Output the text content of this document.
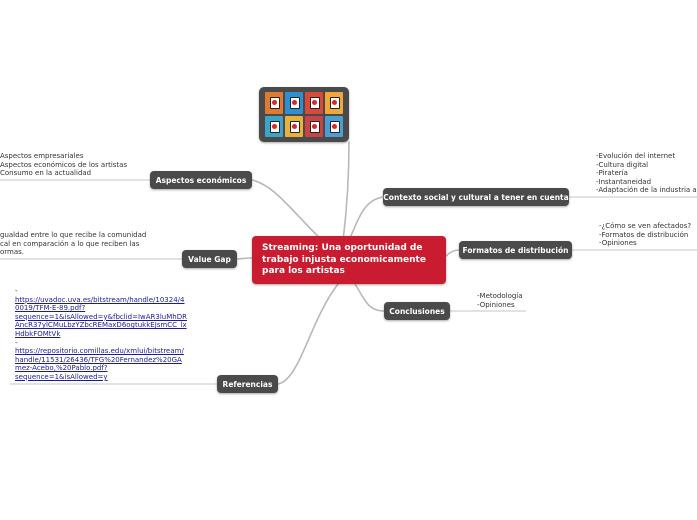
Streaming: Una oportunidad de
trabajo injusta economicamente
para los artistas
Aspectos económicos
Aspectos empresariales
Aspectos económicos de los artistas
Consumo en la actualidad
Value Gap
gualdad entre lo que recibe la comunidad
cal en comparación a lo que reciben las
ormas.
Referencias
-
https://uvadoc.uva.es/bitstream/handle/10324/4
0019/TFM-E-89.pdf?
sequence=1&isAllowed=y&fbclid=IwAR3luMhDR
AncR37ylCMuLbzYZbcREMaxD6ogtukkEJsmCC_lx
HdbkFOMtVk
-
https://repositorio.comillas.edu/xmlui/bitstream/
handle/11531/26436/TFG%20Fernandez%20GA
mez-Acebo,%20Pablo.pdf?
sequence=1&isAllowed=y
Contexto social y cultural a tener en cuenta
-Evolución del internet
-Cultura digital
-Piratería
-Instantaneidad
-Adaptación de la industria a
Formatos de distribución
-¿Cómo se ven afectados?
-Formatos de distribución
-Opiniones
Conclusiones
-Metodología
-Opiniones
